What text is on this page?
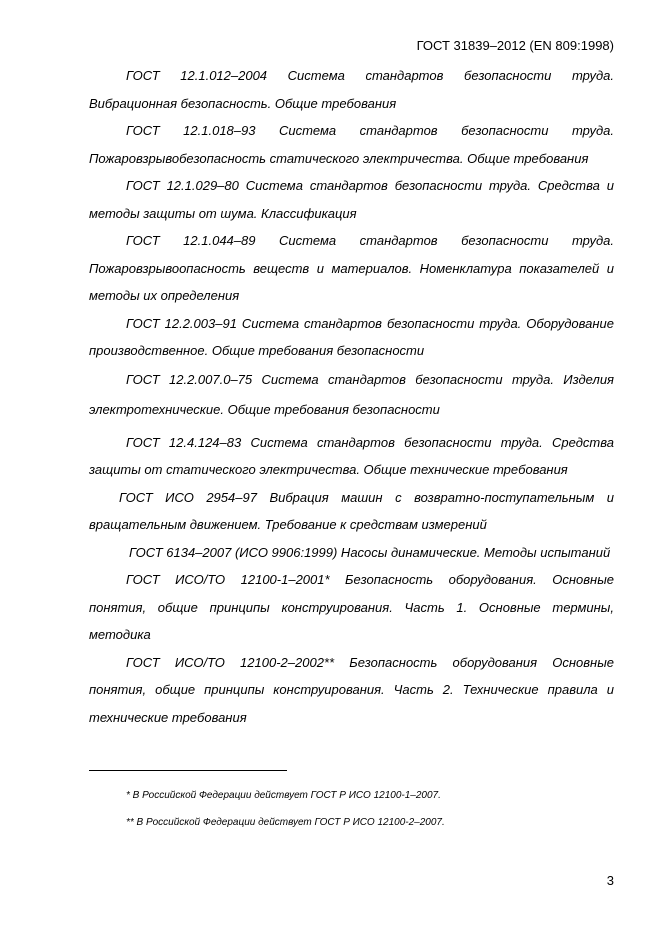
ГОСТ 31839–2012 (EN 809:1998)

ГОСТ 12.1.012–2004 Система стандартов безопасности труда. Вибрационная безопасность. Общие требования

ГОСТ 12.1.018–93 Система стандартов безопасности труда. Пожаровзрывобезопасность статического электричества. Общие требования

ГОСТ 12.1.029–80 Система стандартов безопасности труда. Средства и методы защиты от шума. Классификация

ГОСТ 12.1.044–89 Система стандартов безопасности труда. Пожаровзрывоопасность веществ и материалов. Номенклатура показателей и методы их определения

ГОСТ 12.2.003–91 Система стандартов безопасности труда. Оборудование производственное. Общие требования безопасности

ГОСТ 12.2.007.0–75 Система стандартов безопасности труда. Изделия электротехнические. Общие требования безопасности

ГОСТ 12.4.124–83 Система стандартов безопасности труда. Средства защиты от статического электричества. Общие технические требования

ГОСТ ИСО 2954–97 Вибрация машин с возвратно-поступательным и вращательным движением. Требование к средствам измерений

ГОСТ 6134–2007 (ИСО 9906:1999) Насосы динамические. Методы испытаний

ГОСТ ИСО/ТО 12100-1–2001* Безопасность оборудования. Основные понятия, общие принципы конструирования. Часть 1. Основные термины, методика

ГОСТ ИСО/ТО 12100-2–2002** Безопасность оборудования Основные понятия, общие принципы конструирования. Часть 2. Технические правила и технические требования

* В Российской Федерации действует ГОСТ Р ИСО 12100-1–2007.

** В Российской Федерации действует ГОСТ Р ИСО 12100-2–2007.

3
